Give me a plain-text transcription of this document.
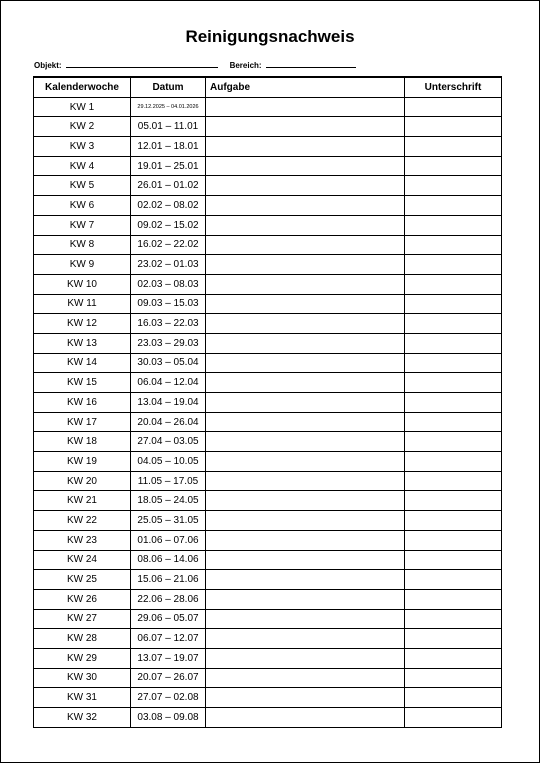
Reinigungsnachweis
Objekt:	Bereich:
Kalenderwoche	Datum	Aufgabe	Unterschrift
KW 1	29.12.2025 – 04.01.2026		
KW 2	05.01 – 11.01		
KW 3	12.01 – 18.01		
KW 4	19.01 – 25.01		
KW 5	26.01 – 01.02		
KW 6	02.02 – 08.02		
KW 7	09.02 – 15.02		
KW 8	16.02 – 22.02		
KW 9	23.02 – 01.03		
KW 10	02.03 – 08.03		
KW 11	09.03 – 15.03		
KW 12	16.03 – 22.03		
KW 13	23.03 – 29.03		
KW 14	30.03 – 05.04		
KW 15	06.04 – 12.04		
KW 16	13.04 – 19.04		
KW 17	20.04 – 26.04		
KW 18	27.04 – 03.05		
KW 19	04.05 – 10.05		
KW 20	11.05 – 17.05		
KW 21	18.05 – 24.05		
KW 22	25.05 – 31.05		
KW 23	01.06 – 07.06		
KW 24	08.06 – 14.06		
KW 25	15.06 – 21.06		
KW 26	22.06 – 28.06		
KW 27	29.06 – 05.07		
KW 28	06.07 – 12.07		
KW 29	13.07 – 19.07		
KW 30	20.07 – 26.07		
KW 31	27.07 – 02.08		
KW 32	03.08 – 09.08		
